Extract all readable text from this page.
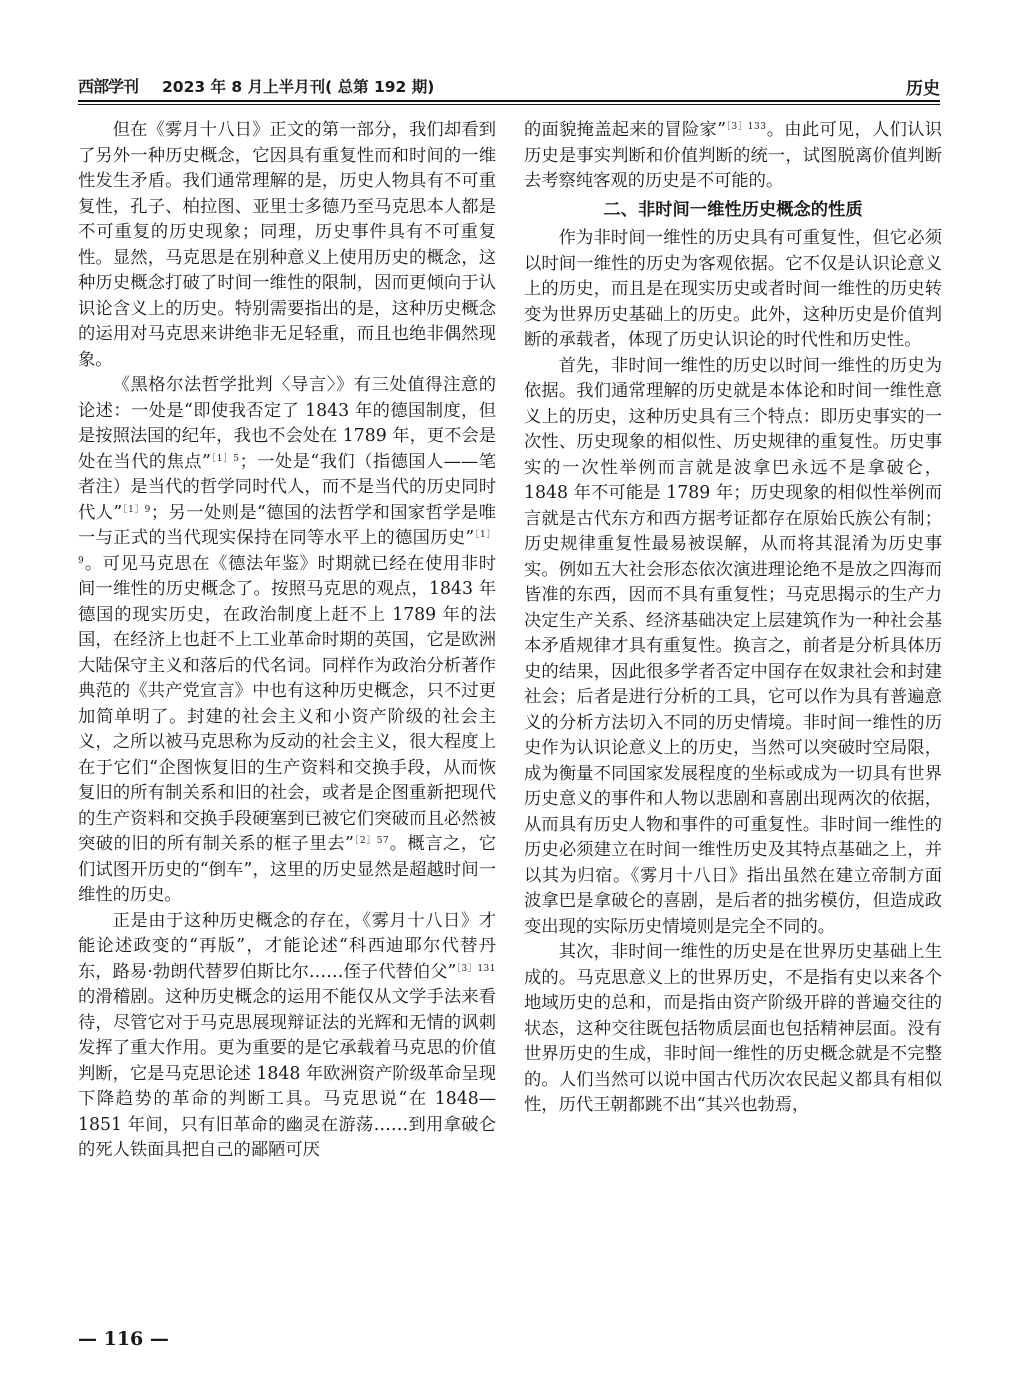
西部学刊 2023 年 8 月上半月刊( 总第 192 期)	历史

但在《雾月十八日》正文的第一部分，我们却看到了另外一种历史概念，它因具有重复性而和时间的一维性发生矛盾。我们通常理解的是，历史人物具有不可重复性，孔子、柏拉图、亚里士多德乃至马克思本人都是不可重复的历史现象；同理，历史事件具有不可重复性。显然，马克思是在别种意义上使用历史的概念，这种历史概念打破了时间一维性的限制，因而更倾向于认识论含义上的历史。特别需要指出的是，这种历史概念的运用对马克思来讲绝非无足轻重，而且也绝非偶然现象。

《黑格尔法哲学批判〈导言〉》有三处值得注意的论述：一处是“即使我否定了 1843 年的德国制度，但是按照法国的纪年，我也不会处在 1789 年，更不会是处在当代的焦点”$^{[1]5}$；一处是“我们（指德国人——笔者注）是当代的哲学同时代人，而不是当代的历史同时代人”$^{[1]9}$；另一处则是“德国的法哲学和国家哲学是唯一与正式的当代现实保持在同等水平上的德国历史”$^{[1]9}$。可见马克思在《德法年鉴》时期就已经在使用非时间一维性的历史概念了。按照马克思的观点，1843 年德国的现实历史，在政治制度上赶不上 1789 年的法国，在经济上也赶不上工业革命时期的英国，它是欧洲大陆保守主义和落后的代名词。同样作为政治分析著作典范的《共产党宣言》中也有这种历史概念，只不过更加简单明了。封建的社会主义和小资产阶级的社会主义，之所以被马克思称为反动的社会主义，很大程度上在于它们“企图恢复旧的生产资料和交换手段，从而恢复旧的所有制关系和旧的社会，或者是企图重新把现代的生产资料和交换手段硬塞到已被它们突破而且必然被突破的旧的所有制关系的框子里去”$^{[2]57}$。概言之，它们试图开历史的“倒车”，这里的历史显然是超越时间一维性的历史。

正是由于这种历史概念的存在，《雾月十八日》才能论述政变的“再版”，才能论述“科西迪耶尔代替丹东，路易·勃朗代替罗伯斯比尔……侄子代替伯父”$^{[3]131}$ 的滑稽剧。这种历史概念的运用不能仅从文学手法来看待，尽管它对于马克思展现辩证法的光辉和无情的讽刺发挥了重大作用。更为重要的是它承载着马克思的价值判断，它是马克思论述 1848 年欧洲资产阶级革命呈现下降趋势的革命的判断工具。马克思说“在 1848—1851 年间，只有旧革命的幽灵在游荡……到用拿破仑的死人铁面具把自己的鄙陋可厌

的面貌掩盖起来的冒险家”$^{[3]133}$。由此可见，人们认识历史是事实判断和价值判断的统一，试图脱离价值判断去考察纯客观的历史是不可能的。

二、非时间一维性历史概念的性质

作为非时间一维性的历史具有可重复性，但它必须以时间一维性的历史为客观依据。它不仅是认识论意义上的历史，而且是在现实历史或者时间一维性的历史转变为世界历史基础上的历史。此外，这种历史是价值判断的承载者，体现了历史认识论的时代性和历史性。

首先，非时间一维性的历史以时间一维性的历史为依据。我们通常理解的历史就是本体论和时间一维性意义上的历史，这种历史具有三个特点：即历史事实的一次性、历史现象的相似性、历史规律的重复性。历史事实的一次性举例而言就是波拿巴永远不是拿破仑，1848 年不可能是 1789 年；历史现象的相似性举例而言就是古代东方和西方据考证都存在原始氏族公有制；历史规律重复性最易被误解，从而将其混淆为历史事实。例如五大社会形态依次演进理论绝不是放之四海而皆准的东西，因而不具有重复性；马克思揭示的生产力决定生产关系、经济基础决定上层建筑作为一种社会基本矛盾规律才具有重复性。换言之，前者是分析具体历史的结果，因此很多学者否定中国存在奴隶社会和封建社会；后者是进行分析的工具，它可以作为具有普遍意义的分析方法切入不同的历史情境。非时间一维性的历史作为认识论意义上的历史，当然可以突破时空局限，成为衡量不同国家发展程度的坐标或成为一切具有世界历史意义的事件和人物以悲剧和喜剧出现两次的依据，从而具有历史人物和事件的可重复性。非时间一维性的历史必须建立在时间一维性历史及其特点基础之上，并以其为归宿。《雾月十八日》指出虽然在建立帝制方面波拿巴是拿破仑的喜剧，是后者的拙劣模仿，但造成政变出现的实际历史情境则是完全不同的。

其次，非时间一维性的历史是在世界历史基础上生成的。马克思意义上的世界历史，不是指有史以来各个地域历史的总和，而是指由资产阶级开辟的普遍交往的状态，这种交往既包括物质层面也包括精神层面。没有世界历史的生成，非时间一维性的历史概念就是不完整的。人们当然可以说中国古代历次农民起义都具有相似性，历代王朝都跳不出“其兴也勃焉，

— 116 —
